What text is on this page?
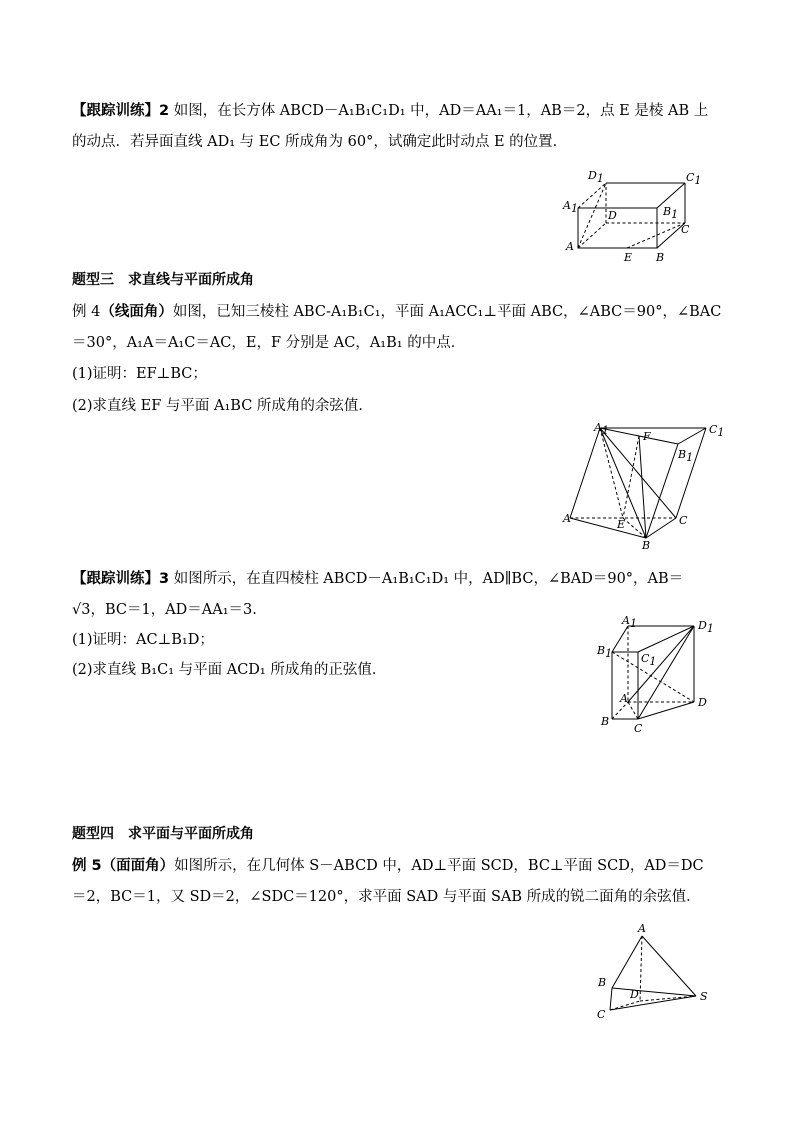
【跟踪训练】2 如图，在长方体 ABCD－A₁B₁C₁D₁ 中，AD＝AA₁＝1，AB＝2，点 E 是棱 AB 上
的动点．若异面直线 AD₁ 与 EC 所成角为 60°，试确定此时动点 E 的位置．
D1	C1
A1
D	B1
C
A
E B
题型三　求直线与平面所成角
例 4（线面角）如图，已知三棱柱 ABC-A₁B₁C₁，平面 A₁ACC₁⊥平面 ABC，∠ABC＝90°，∠BAC
＝30°，A₁A＝A₁C＝AC，E，F 分别是 AC，A₁B₁ 的中点．
(1)证明：EF⊥BC；
(2)求直线 EF 与平面 A₁BC 所成角的余弦值．
A1	F
C1
B1
A	E	C
B
【跟踪训练】3 如图所示，在直四棱柱 ABCD－A₁B₁C₁D₁ 中，AD∥BC，∠BAD＝90°，AB＝
√3，BC＝1，AD＝AA₁＝3.
(1)证明：AC⊥B₁D；
(2)求直线 B₁C₁ 与平面 ACD₁ 所成角的正弦值．
A1	D1
B1	C1
A	D
B
C
题型四　求平面与平面所成角
例 5（面面角）如图所示，在几何体 S－ABCD 中，AD⊥平面 SCD，BC⊥平面 SCD，AD＝DC
＝2，BC＝1，又 SD＝2，∠SDC＝120°，求平面 SAD 与平面 SAB 所成的锐二面角的余弦值．
A
B
D	S
C
